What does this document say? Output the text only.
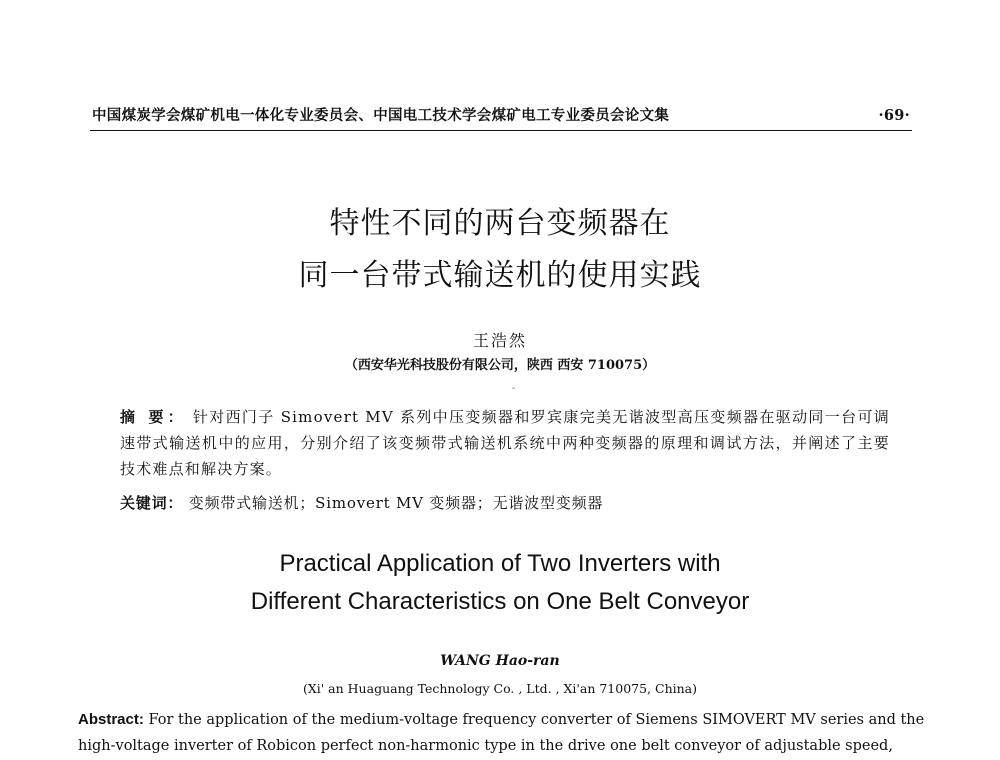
中国煤炭学会煤矿机电一体化专业委员会、中国电工技术学会煤矿电工专业委员会论文集	·69·
特性不同的两台变频器在
同一台带式输送机的使用实践
王浩然
（西安华光科技股份有限公司，陕西 西安 710075）
-
摘 要： 针对西门子 Simovert MV 系列中压变频器和罗宾康完美无谐波型高压变频器在驱动同一台可调速带式输送机中的应用，分别介绍了该变频带式输送机系统中两种变频器的原理和调试方法，并阐述了主要技术难点和解决方案。
关键词： 变频带式输送机；Simovert MV 变频器；无谐波型变频器
Practical Application of Two Inverters with
Different Characteristics on One Belt Conveyor
WANG Hao-ran
(Xi' an Huaguang Technology Co. , Ltd. , Xi'an 710075, China)
Abstract: For the application of the medium-voltage frequency converter of Siemens SIMOVERT MV series and the high-voltage inverter of Robicon perfect non-harmonic type in the drive one belt conveyor of adjustable speed,
